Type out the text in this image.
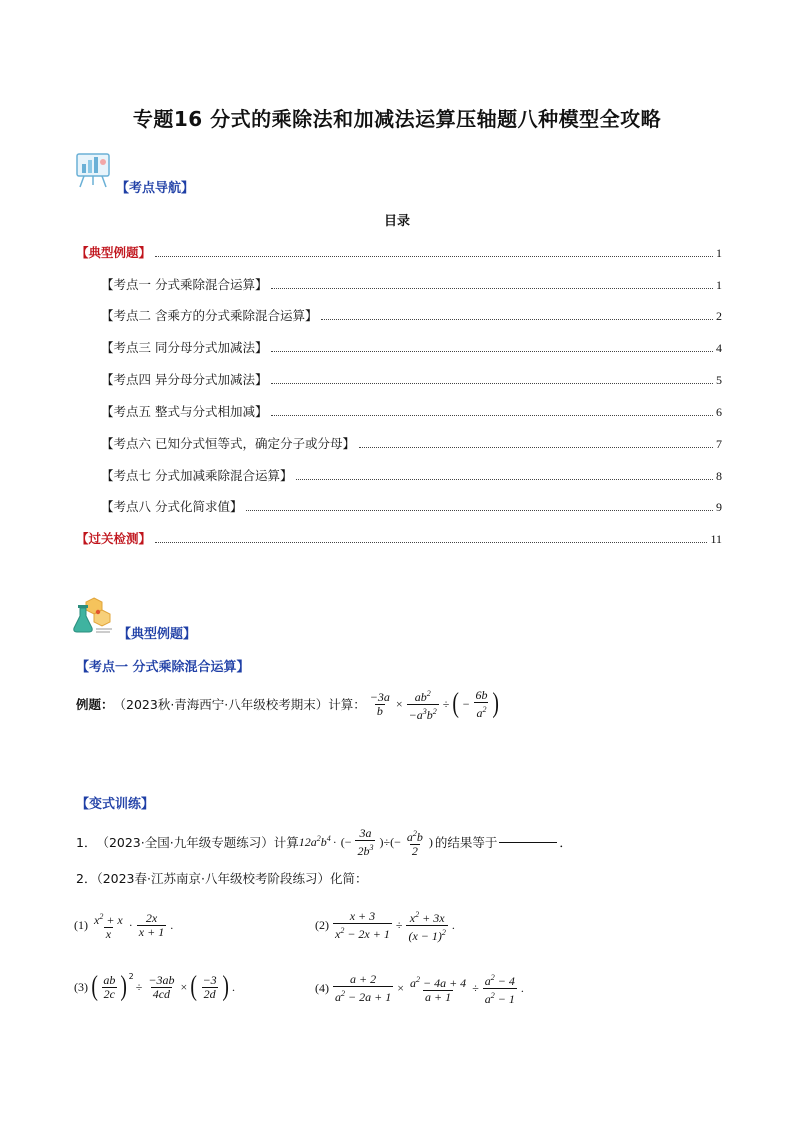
专题16 分式的乘除法和加减法运算压轴题八种模型全攻略
【考点导航】
目录
【典型例题】	1
【考点一 分式乘除混合运算】	1
【考点二 含乘方的分式乘除混合运算】	2
【考点三 同分母分式加减法】	4
【考点四 异分母分式加减法】	5
【考点五 整式与分式相加减】	6
【考点六 已知分式恒等式，确定分子或分母】	7
【考点七 分式加减乘除混合运算】	8
【考点八 分式化简求值】	9
【过关检测】	11
【典型例题】
【考点一 分式乘除混合运算】
例题： （2023秋·青海西宁·八年级校考期末）计算： $\frac{-3a}{b} \times \frac{ab^2}{-a^3b^2}$ ÷ ( − $\frac{6b}{a^2}$ )
【变式训练】
1． （2023·全国·九年级专题练习）计算 $12a^2b^4$ · (− $\frac{3a}{2b^3}$ )÷(− $\frac{a^2b}{2}$ ) 的结果等于	．
2．（2023春·江苏南京·八年级校考阶段练习）化简：
$(1) \frac{x^2 + x}{x} \cdot \frac{2x}{x + 1}$ .	$(2) \frac{x + 3}{x^2 - 2x + 1} \div \frac{x^2 + 3x}{(x - 1)^2}$ .
(3) ( $\frac{ab}{2c} )^2$
÷ $\frac{-3ab}{4cd}$ × ( $\frac{-3}{2d}$ ) .	$(4) \frac{a + 2}{a^2 - 2a + 1} \times \frac{a^2 - 4a + 4}{a + 1} \div \frac{a^2 - 4}{a^2 - 1}$ .
